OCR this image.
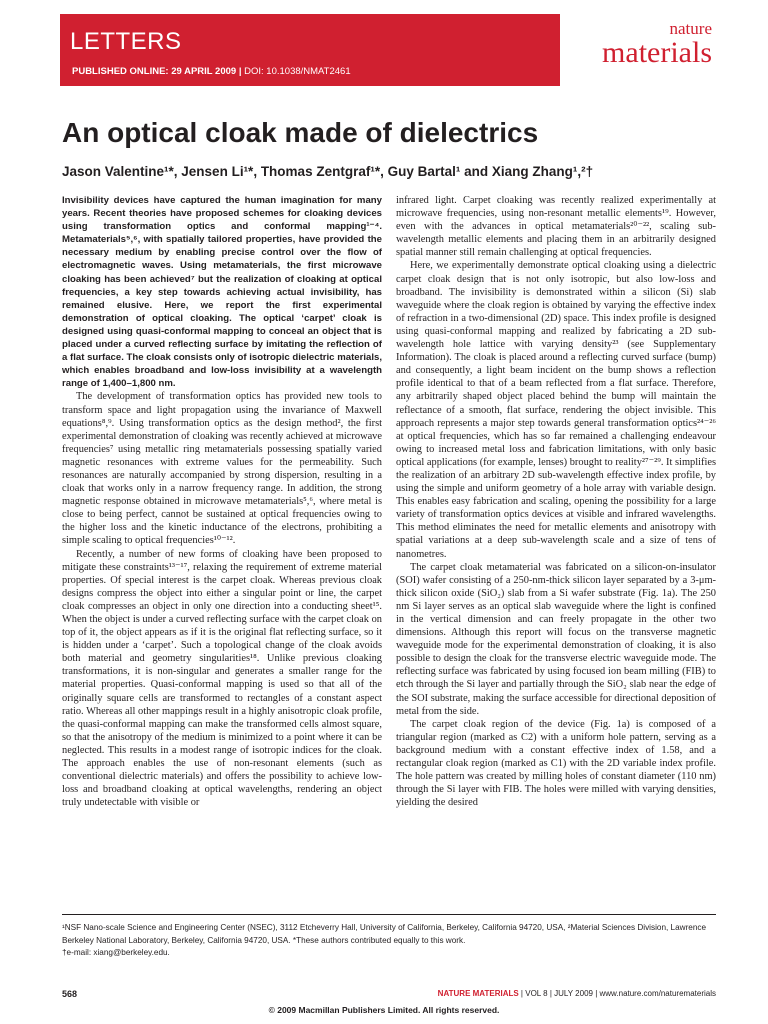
LETTERS
PUBLISHED ONLINE: 29 APRIL 2009 | DOI: 10.1038/NMAT2461
nature
materials
An optical cloak made of dielectrics
Jason Valentine¹*, Jensen Li¹*, Thomas Zentgraf¹*, Guy Bartal¹ and Xiang Zhang¹,²†

Invisibility devices have captured the human imagination for many years. Recent theories have proposed schemes for cloaking devices using transformation optics and conformal mapping¹⁻⁴. Metamaterials⁵,⁶, with spatially tailored properties, have provided the necessary medium by enabling precise control over the flow of electromagnetic waves. Using metamaterials, the first microwave cloaking has been achieved⁷ but the realization of cloaking at optical frequencies, a key step towards achieving actual invisibility, has remained elusive. Here, we report the first experimental demonstration of optical cloaking. The optical ‘carpet’ cloak is designed using quasi-conformal mapping to conceal an object that is placed under a curved reflecting surface by imitating the reflection of a flat surface. The cloak consists only of isotropic dielectric materials, which enables broadband and low-loss invisibility at a wavelength range of 1,400–1,800 nm.

The development of transformation optics has provided new tools to transform space and light propagation using the invariance of Maxwell equations⁸,⁹. Using transformation optics as the design method², the first experimental demonstration of cloaking was recently achieved at microwave frequencies⁷ using metallic ring metamaterials possessing spatially varied magnetic resonances with extreme values for the permeability. Such resonances are naturally accompanied by strong dispersion, resulting in a cloak that works only in a narrow frequency range. In addition, the strong magnetic response obtained in microwave metamaterials⁵,⁶, where metal is close to being perfect, cannot be sustained at optical frequencies owing to the higher loss and the kinetic inductance of the electrons, prohibiting a simple scaling to optical frequencies¹⁰⁻¹².

Recently, a number of new forms of cloaking have been proposed to mitigate these constraints¹³⁻¹⁷, relaxing the requirement of extreme material properties. Of special interest is the carpet cloak. Whereas previous cloak designs compress the object into either a singular point or line, the carpet cloak compresses an object in only one direction into a conducting sheet¹⁵. When the object is under a curved reflecting surface with the carpet cloak on top of it, the object appears as if it is the original flat reflecting surface, so it is hidden under a ‘carpet’. Such a topological change of the cloak avoids both material and geometry singularities¹⁸. Unlike previous cloaking transformations, it is non-singular and generates a smaller range for the material properties. Quasi-conformal mapping is used so that all of the originally square cells are transformed to rectangles of a constant aspect ratio. Whereas all other mappings result in a highly anisotropic cloak profile, the quasi-conformal mapping can make the transformed cells almost square, so that the anisotropy of the medium is minimized to a point where it can be neglected. This results in a modest range of isotropic indices for the cloak. The approach enables the use of non-resonant elements (such as conventional dielectric materials) and offers the possibility to achieve low-loss and broadband cloaking at optical wavelengths, rendering an object truly undetectable with visible or

infrared light. Carpet cloaking was recently realized experimentally at microwave frequencies, using non-resonant metallic elements¹⁹. However, even with the advances in optical metamaterials²⁰⁻²², scaling sub-wavelength metallic elements and placing them in an arbitrarily designed spatial manner still remain challenging at optical frequencies.

Here, we experimentally demonstrate optical cloaking using a dielectric carpet cloak design that is not only isotropic, but also low-loss and broadband. The invisibility is demonstrated within a silicon (Si) slab waveguide where the cloak region is obtained by varying the effective index of refraction in a two-dimensional (2D) space. This index profile is designed using quasi-conformal mapping and realized by fabricating a 2D sub-wavelength hole lattice with varying density²³ (see Supplementary Information). The cloak is placed around a reflecting curved surface (bump) and consequently, a light beam incident on the bump shows a reflection profile identical to that of a beam reflected from a flat surface. Therefore, any arbitrarily shaped object placed behind the bump will maintain the reflectance of a smooth, flat surface, rendering the object invisible. This approach represents a major step towards general transformation optics²⁴⁻²⁶ at optical frequencies, which has so far remained a challenging endeavour owing to increased metal loss and fabrication limitations, with only basic optical applications (for example, lenses) brought to reality²⁷⁻²⁹. It simplifies the realization of an arbitrary 2D sub-wavelength effective index profile, by using the simple and uniform geometry of a hole array with variable design. This enables easy fabrication and scaling, opening the possibility for a large variety of transformation optics devices at visible and infrared wavelengths. This method eliminates the need for metallic elements and anisotropy with spatial variations at a deep sub-wavelength scale and a size of tens of nanometres.

The carpet cloak metamaterial was fabricated on a silicon-on-insulator (SOI) wafer consisting of a 250-nm-thick silicon layer separated by a 3-μm-thick silicon oxide (SiO₂) slab from a Si wafer substrate (Fig. 1a). The 250 nm Si layer serves as an optical slab waveguide where the light is confined in the vertical dimension and can freely propagate in the other two dimensions. Although this report will focus on the transverse magnetic waveguide mode for the experimental demonstration of cloaking, it is also possible to design the cloak for the transverse electric waveguide mode. The reflecting surface was fabricated by using focused ion beam milling (FIB) to etch through the Si layer and partially through the SiO₂ slab near the edge of the SOI substrate, making the surface accessible for directional deposition of metal from the side.

The carpet cloak region of the device (Fig. 1a) is composed of a triangular region (marked as C2) with a uniform hole pattern, serving as a background medium with a constant effective index of 1.58, and a rectangular cloak region (marked as C1) with the 2D variable index profile. The hole pattern was created by milling holes of constant diameter (110 nm) through the Si layer with FIB. The holes were milled with varying densities, yielding the desired

¹NSF Nano-scale Science and Engineering Center (NSEC), 3112 Etcheverry Hall, University of California, Berkeley, California 94720, USA, ²Material Sciences Division, Lawrence Berkeley National Laboratory, Berkeley, California 94720, USA. *These authors contributed equally to this work.
†e-mail: xiang@berkeley.edu.
568	NATURE MATERIALS | VOL 8 | JULY 2009 | www.nature.com/naturematerials
© 2009 Macmillan Publishers Limited. All rights reserved.
